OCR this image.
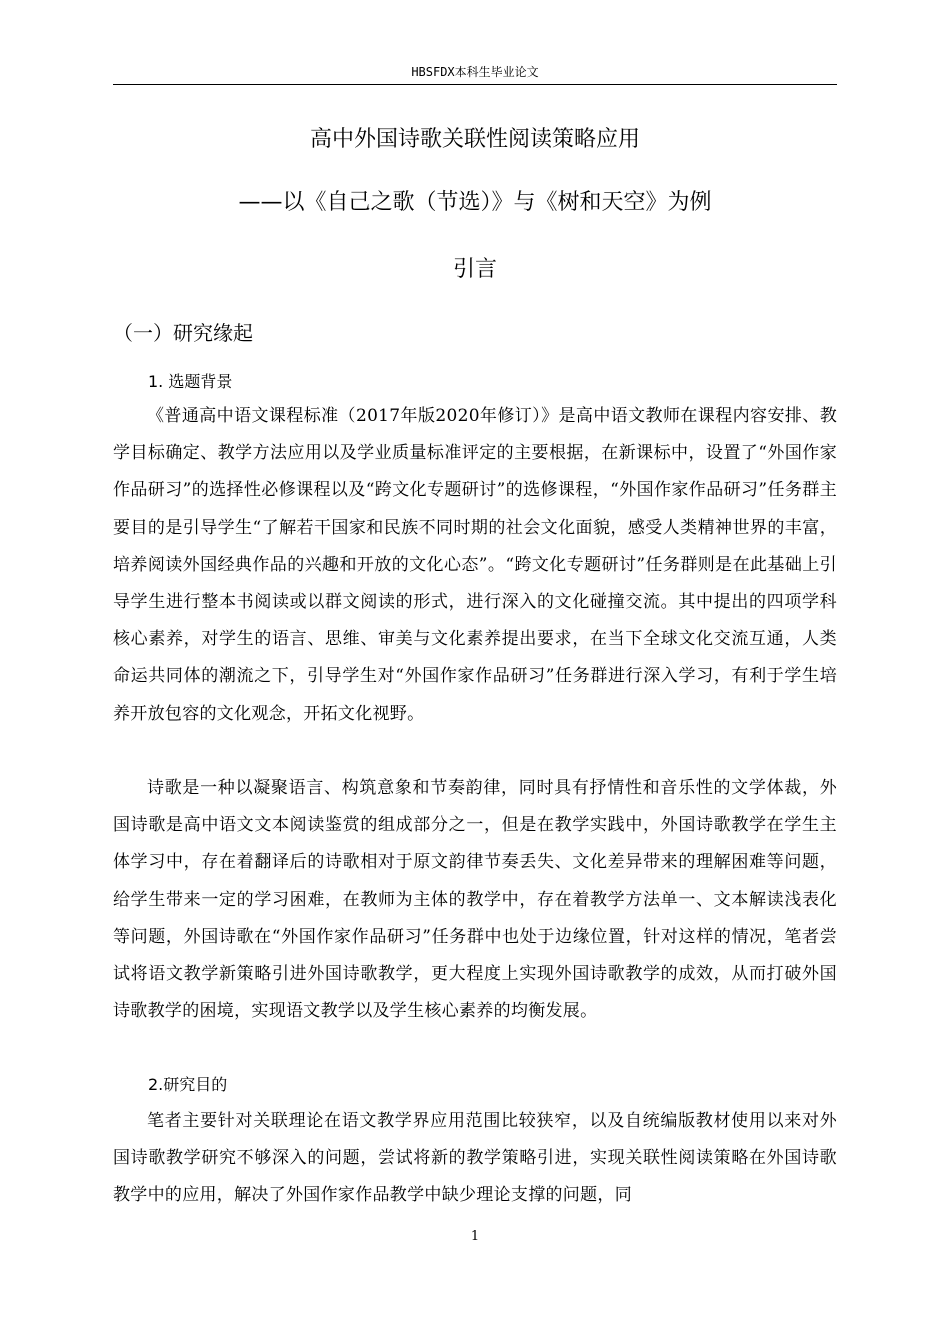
HBSFDX本科生毕业论文
高中外国诗歌关联性阅读策略应用
——以《自己之歌（节选）》与《树和天空》为例
引言
（一）研究缘起
1. 选题背景

《普通高中语文课程标准（2017年版2020年修订）》是高中语文教师在课程内容安排、教学目标确定、教学方法应用以及学业质量标准评定的主要根据，在新课标中，设置了“外国作家作品研习”的选择性必修课程以及“跨文化专题研讨”的选修课程，“外国作家作品研习”任务群主要目的是引导学生“了解若干国家和民族不同时期的社会文化面貌，感受人类精神世界的丰富，培养阅读外国经典作品的兴趣和开放的文化心态”。“跨文化专题研讨”任务群则是在此基础上引导学生进行整本书阅读或以群文阅读的形式，进行深入的文化碰撞交流。其中提出的四项学科核心素养，对学生的语言、思维、审美与文化素养提出要求，在当下全球文化交流互通，人类命运共同体的潮流之下，引导学生对“外国作家作品研习”任务群进行深入学习，有利于学生培养开放包容的文化观念，开拓文化视野。

诗歌是一种以凝聚语言、构筑意象和节奏韵律，同时具有抒情性和音乐性的文学体裁，外国诗歌是高中语文文本阅读鉴赏的组成部分之一，但是在教学实践中，外国诗歌教学在学生主体学习中，存在着翻译后的诗歌相对于原文韵律节奏丢失、文化差异带来的理解困难等问题，给学生带来一定的学习困难，在教师为主体的教学中，存在着教学方法单一、文本解读浅表化等问题，外国诗歌在“外国作家作品研习”任务群中也处于边缘位置，针对这样的情况，笔者尝试将语文教学新策略引进外国诗歌教学，更大程度上实现外国诗歌教学的成效，从而打破外国诗歌教学的困境，实现语文教学以及学生核心素养的均衡发展。

2.研究目的

笔者主要针对关联理论在语文教学界应用范围比较狭窄，以及自统编版教材使用以来对外国诗歌教学研究不够深入的问题，尝试将新的教学策略引进，实现关联性阅读策略在外国诗歌教学中的应用，解决了外国作家作品教学中缺少理论支撑的问题，同

1
